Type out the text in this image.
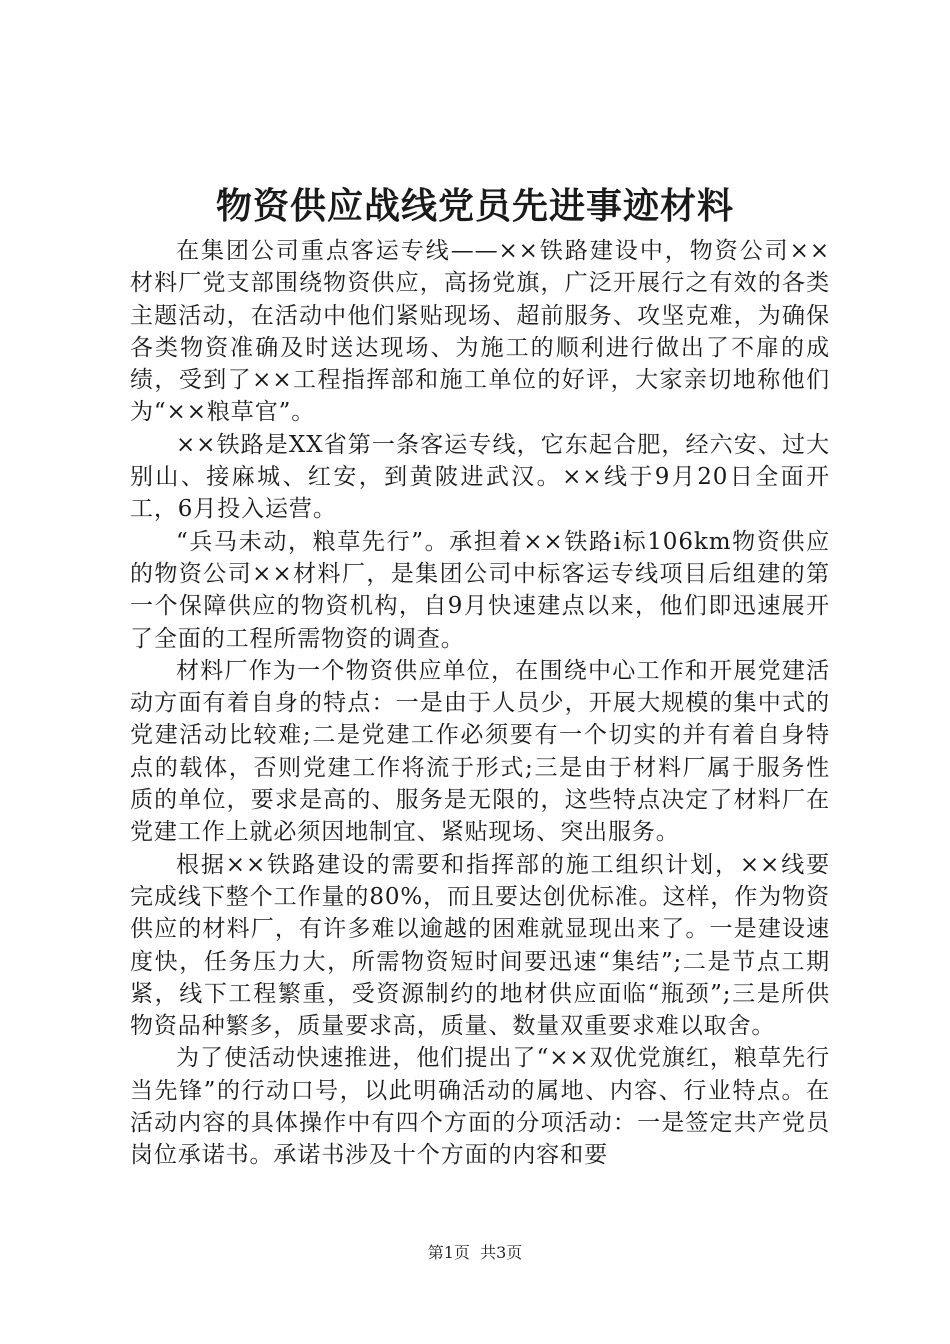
物资供应战线党员先进事迹材料

在集团公司重点客运专线——××铁路建设中，物资公司××材料厂党支部围绕物资供应，高扬党旗，广泛开展行之有效的各类主题活动，在活动中他们紧贴现场、超前服务、攻坚克难，为确保各类物资准确及时送达现场、为施工的顺利进行做出了不扉的成绩，受到了××工程指挥部和施工单位的好评，大家亲切地称他们为“××粮草官”。

××铁路是XX省第一条客运专线，它东起合肥，经六安、过大别山、接麻城、红安，到黄陂进武汉。××线于9月20日全面开工，6月投入运营。

“兵马未动，粮草先行”。承担着××铁路ⅰ标106km物资供应的物资公司××材料厂，是集团公司中标客运专线项目后组建的第一个保障供应的物资机构，自9月快速建点以来，他们即迅速展开了全面的工程所需物资的调查。

材料厂作为一个物资供应单位，在围绕中心工作和开展党建活动方面有着自身的特点：一是由于人员少，开展大规模的集中式的党建活动比较难;二是党建工作必须要有一个切实的并有着自身特点的载体，否则党建工作将流于形式;三是由于材料厂属于服务性质的单位，要求是高的、服务是无限的，这些特点决定了材料厂在党建工作上就必须因地制宜、紧贴现场、突出服务。

根据××铁路建设的需要和指挥部的施工组织计划，××线要完成线下整个工作量的80%，而且要达创优标准。这样，作为物资供应的材料厂，有许多难以逾越的困难就显现出来了。一是建设速度快，任务压力大，所需物资短时间要迅速“集结”;二是节点工期紧，线下工程繁重，受资源制约的地材供应面临“瓶颈”;三是所供物资品种繁多，质量要求高，质量、数量双重要求难以取舍。

为了使活动快速推进，他们提出了“××双优党旗红，粮草先行当先锋”的行动口号，以此明确活动的属地、内容、行业特点。在活动内容的具体操作中有四个方面的分项活动：一是签定共产党员岗位承诺书。承诺书涉及十个方面的内容和要

第1页 共3页
